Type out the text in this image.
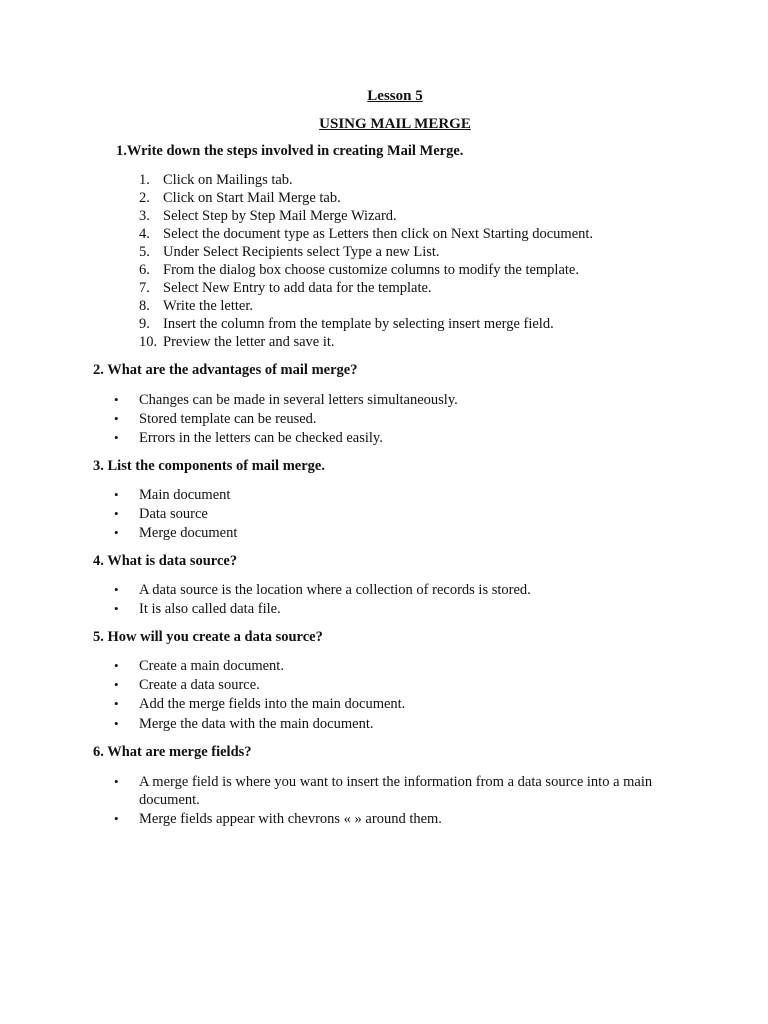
Lesson 5
USING MAIL MERGE
1.Write down the steps involved in creating Mail Merge.
1. Click on Mailings tab.
2. Click on Start Mail Merge tab.
3. Select Step by Step Mail Merge Wizard.
4. Select the document type as Letters then click on Next Starting document.
5. Under Select Recipients select Type a new List.
6. From the dialog box choose customize columns to modify the template.
7. Select New Entry to add data for the template.
8. Write the letter.
9. Insert the column from the template by selecting insert merge field.
10. Preview the letter and save it.
2. What are the advantages of mail merge?
• Changes can be made in several letters simultaneously.
• Stored template can be reused.
• Errors in the letters can be checked easily.
3. List the components of mail merge.
• Main document
• Data source
• Merge document
4. What is data source?
• A data source is the location where a collection of records is stored.
• It is also called data file.
5. How will you create a data source?
• Create a main document.
• Create a data source.
• Add the merge fields into the main document.
• Merge the data with the main document.
6. What are merge fields?
• A merge field is where you want to insert the information from a data source into a main document.
• Merge fields appear with chevrons « » around them.
